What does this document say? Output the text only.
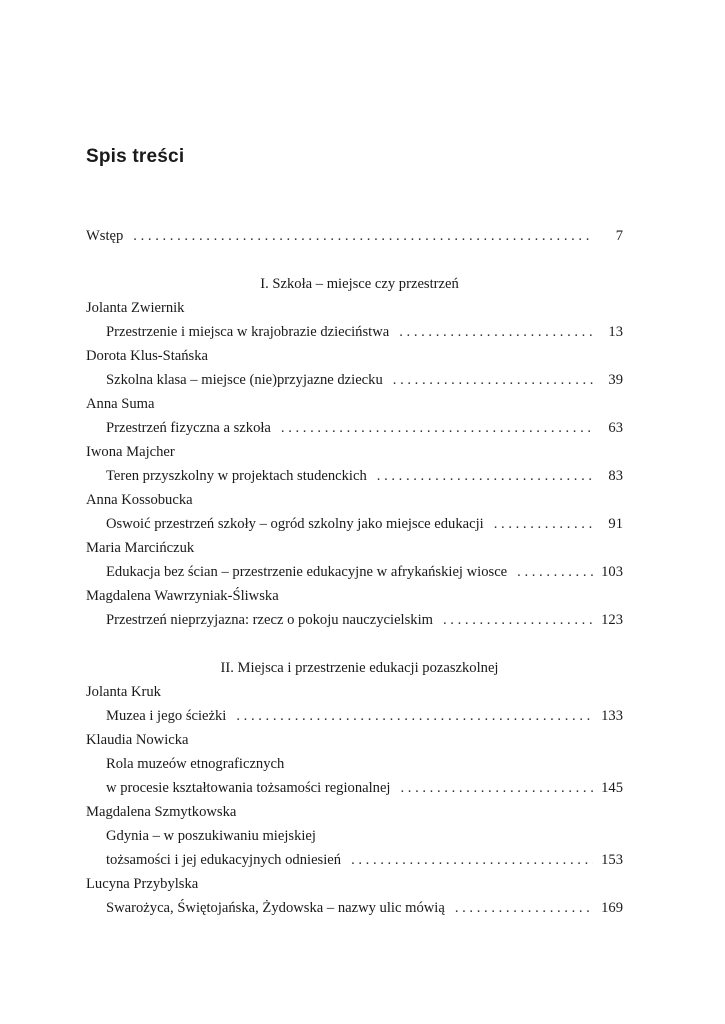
Spis treści
Wstęp . . .	7
I. Szkoła – miejsce czy przestrzeń
Jolanta Zwiernik
Przestrzenie i miejsca w krajobrazie dzieciństwa . . .	13
Dorota Klus-Stańska
Szkolna klasa – miejsce (nie)przyjazne dziecku . . .	39
Anna Suma
Przestrzeń fizyczna a szkoła . . .	63
Iwona Majcher
Teren przyszkolny w projektach studenckich . . .	83
Anna Kossobucka
Oswoić przestrzeń szkoły – ogród szkolny jako miejsce edukacji . . .	91
Maria Marcińczuk
Edukacja bez ścian – przestrzenie edukacyjne w afrykańskiej wiosce . . .	103
Magdalena Wawrzyniak-Śliwska
Przestrzeń nieprzyjazna: rzecz o pokoju nauczycielskim . . .	123
II. Miejsca i przestrzenie edukacji pozaszkolnej
Jolanta Kruk
Muzea i jego ścieżki . . .	133
Klaudia Nowicka
Rola muzeów etnograficznych
w procesie kształtowania tożsamości regionalnej . . .	145
Magdalena Szmytkowska
Gdynia – w poszukiwaniu miejskiej
tożsamości i jej edukacyjnych odniesień . . .	153
Lucyna Przybylska
Swarożyca, Świętojańska, Żydowska – nazwy ulic mówią . . .	169
